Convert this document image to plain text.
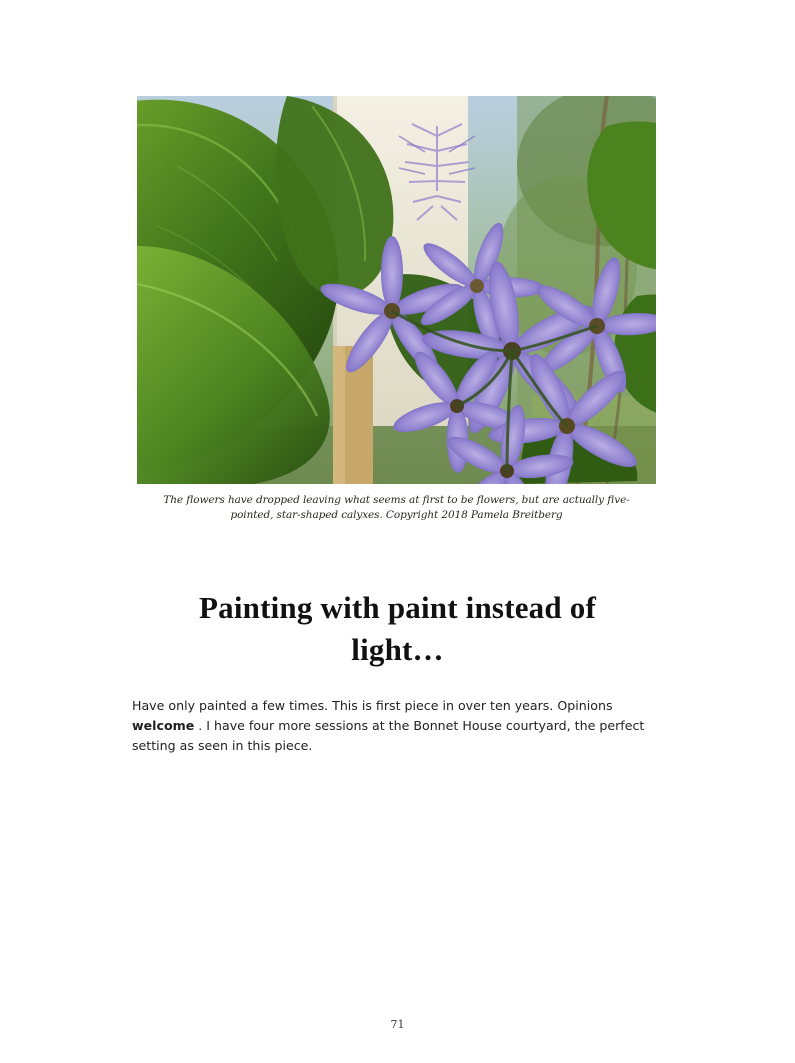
The flowers have dropped leaving what seems at first to be flowers, but are actually five-pointed, star-shaped calyxes. Copyright 2018 Pamela Breitberg
Painting with paint instead of light…

Have only painted a few times. This is first piece in over ten years. Opinions welcome . I have four more sessions at the Bonnet House courtyard, the perfect setting as seen in this piece.

71
